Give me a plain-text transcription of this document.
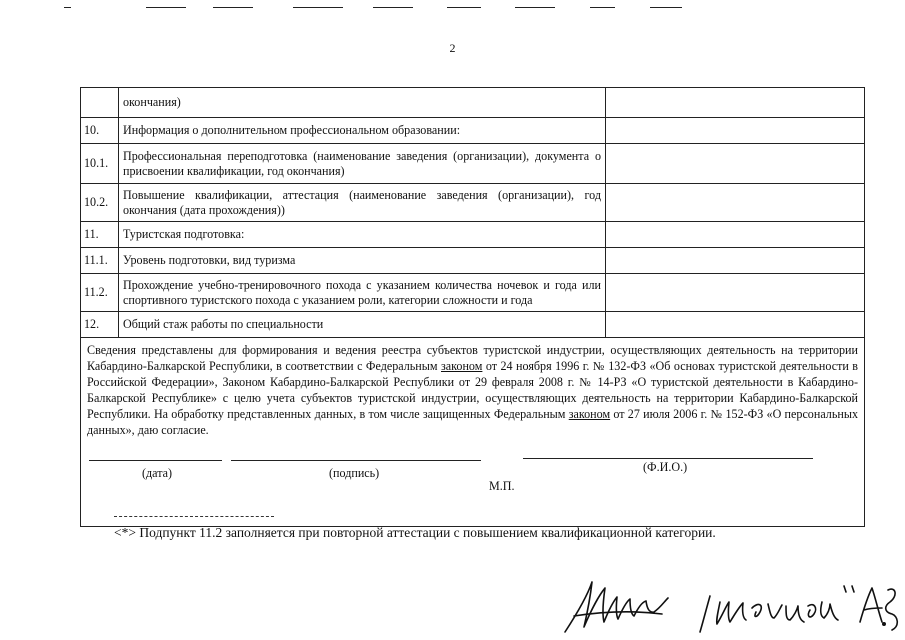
2
	окончания)	
10.	Информация о дополнительном профессиональном образовании:	
10.1.	Профессиональная переподготовка (наименование заведения (организации), документа о присвоении квалификации, год окончания)	
10.2.	Повышение квалификации, аттестация (наименование заведения (организации), год окончания (дата прохождения))	
11.	Туристская подготовка:	
11.1.	Уровень подготовки, вид туризма	
11.2.	Прохождение учебно-тренировочного похода с указанием количества ночевок и года или спортивного туристского похода с указанием роли, категории сложности и года	
12.	Общий стаж работы по специальности	

Сведения представлены для формирования и ведения реестра субъектов туристской индустрии, осуществляющих деятельность на территории Кабардино-Балкарской Республики, в соответствии с Федеральным законом от 24 ноября 1996 г. № 132-ФЗ «Об основах туристской деятельности в Российской Федерации», Законом Кабардино-Балкарской Республики от 29 февраля 2008 г. № 14-РЗ «О туристской деятельности в Кабардино-Балкарской Республике» с целю учета субъектов туристской индустрии, осуществляющих деятельность на территории Кабардино-Балкарской Республики. На обработку представленных данных, в том числе защищенных Федеральным законом от 27 июля 2006 г. № 152-ФЗ «О персональных данных», даю согласие.
(дата) (подпись) (Ф.И.О.)
М.П.		
<*> Подпункт 11.2 заполняется при повторной аттестации с повышением квалификационной категории.
